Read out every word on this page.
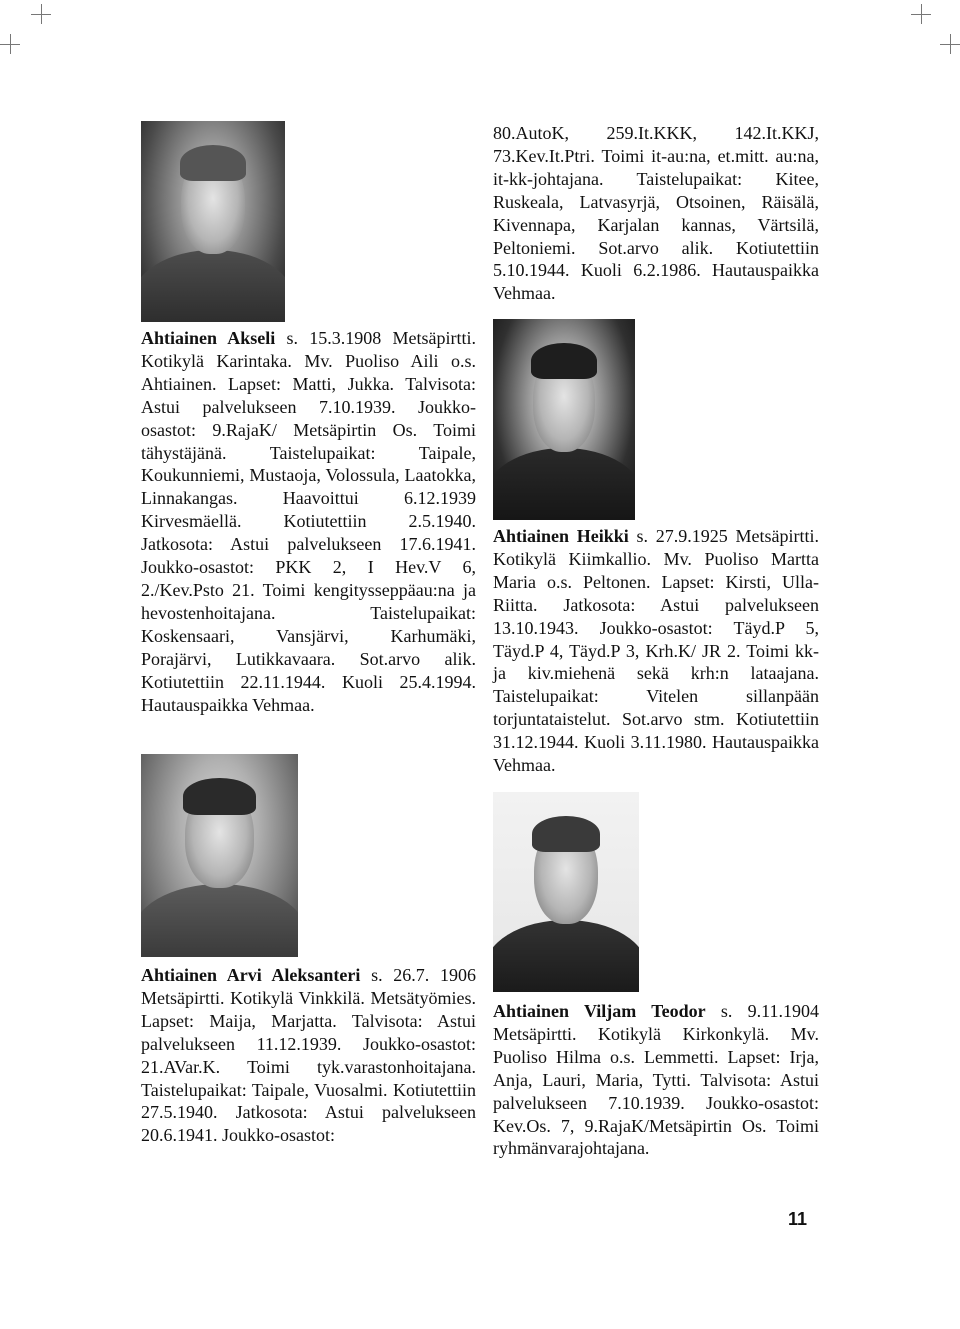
Ahtiainen Akseli s. 15.3.1908 Metsäpirtti. Kotikylä Karintaka. Mv. Puoliso Aili o.s. Ahtiainen. Lapset: Matti, Jukka. Talvisota: Astui palvelukseen 7.10.1939. Joukko-osastot: 9.RajaK/ Metsäpirtin Os. Toimi tähystäjänä. Taistelupaikat: Taipale, Koukunniemi, Mustaoja, Volossula, Laatokka, Linnakangas. Haavoittui 6.12.1939 Kirvesmäellä. Kotiutettiin 2.5.1940. Jatkosota: Astui palvelukseen 17.6.1941. Joukko-osastot: PKK 2, I Hev.V 6, 2./Kev.Psto 21. Toimi kengitysseppäau:na ja hevostenhoitajana. Taistelupaikat: Koskensaari, Vansjärvi, Karhumäki, Porajärvi, Lutikkavaara. Sot.arvo alik. Kotiutettiin 22.11.1944. Kuoli 25.4.1994. Hautauspaikka Vehmaa.

Ahtiainen Arvi Aleksanteri s. 26.7. 1906 Metsäpirtti. Kotikylä Vinkkilä. Metsätyömies. Lapset: Maija, Marjatta. Talvisota: Astui palvelukseen 11.12.1939. Joukko-osastot: 21.AVar.K. Toimi tyk.varastonhoitajana. Taistelupaikat: Taipale, Vuosalmi. Kotiutettiin 27.5.1940. Jatkosota: Astui palvelukseen 20.6.1941. Joukko-osastot:

80.AutoK, 259.It.KKK, 142.It.KKJ, 73.Kev.It.Ptri. Toimi it-au:na, et.mitt. au:na, it-kk-johtajana. Taistelupaikat: Kitee, Ruskeala, Latvasyrjä, Otsoinen, Räisälä, Kivennapa, Karjalan kannas, Värtsilä, Peltoniemi. Sot.arvo alik. Kotiutettiin 5.10.1944. Kuoli 6.2.1986. Hautauspaikka Vehmaa.

Ahtiainen Heikki s. 27.9.1925 Metsäpirtti. Kotikylä Kiimkallio. Mv. Puoliso Martta Maria o.s. Peltonen. Lapset: Kirsti, Ulla-Riitta. Jatkosota: Astui palvelukseen 13.10.1943. Joukko-osastot: Täyd.P 5, Täyd.P 4, Täyd.P 3, Krh.K/ JR 2. Toimi kk- ja kiv.miehenä sekä krh:n lataajana. Taistelupaikat: Vitelen sillanpään torjuntataistelut. Sot.arvo stm. Kotiutettiin 31.12.1944. Kuoli 3.11.1980. Hautauspaikka Vehmaa.

Ahtiainen Viljam Teodor s. 9.11.1904 Metsäpirtti. Kotikylä Kirkonkylä. Mv. Puoliso Hilma o.s. Lemmetti. Lapset: Irja, Anja, Lauri, Maria, Tytti. Talvisota: Astui palvelukseen 7.10.1939. Joukko-osastot: Kev.Os. 7, 9.RajaK/Metsäpirtin Os. Toimi ryhmänvarajohtajana.

11
